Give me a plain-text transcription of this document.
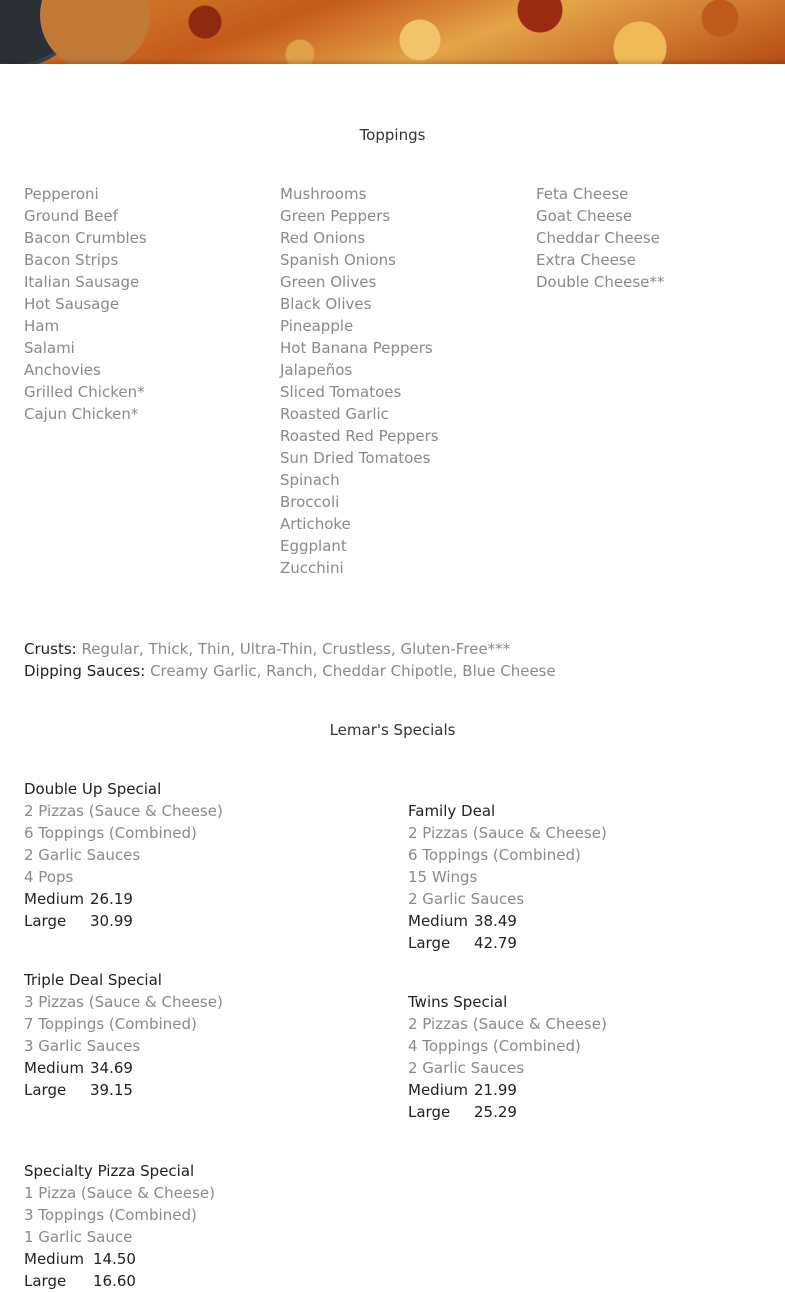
Toppings
Pepperoni
Ground Beef
Bacon Crumbles
Bacon Strips
Italian Sausage
Hot Sausage
Ham
Salami
Anchovies
Grilled Chicken*
Cajun Chicken*
Mushrooms
Green Peppers
Red Onions
Spanish Onions
Green Olives
Black Olives
Pineapple
Hot Banana Peppers
Jalapeños
Sliced Tomatoes
Roasted Garlic
Roasted Red Peppers
Sun Dried Tomatoes
Spinach
Broccoli
Artichoke
Eggplant
Zucchini
Feta Cheese
Goat Cheese
Cheddar Cheese
Extra Cheese
Double Cheese**
Crusts: Regular, Thick, Thin, Ultra-Thin, Crustless, Gluten-Free***
Dipping Sauces: Creamy Garlic, Ranch, Cheddar Chipotle, Blue Cheese
Lemar's Specials
Double Up Special
2 Pizzas (Sauce & Cheese)
6 Toppings (Combined)
2 Garlic Sauces
4 Pops
Medium 26.19
Large 30.99
Family Deal
2 Pizzas (Sauce & Cheese)
6 Toppings (Combined)
15 Wings
2 Garlic Sauces
Medium 38.49
Large 42.79
Triple Deal Special
3 Pizzas (Sauce & Cheese)
7 Toppings (Combined)
3 Garlic Sauces
Medium 34.69
Large 39.15
Twins Special
2 Pizzas (Sauce & Cheese)
4 Toppings (Combined)
2 Garlic Sauces
Medium 21.99
Large 25.29
Specialty Pizza Special
1 Pizza (Sauce & Cheese)
3 Toppings (Combined)
1 Garlic Sauce
Medium 14.50
Large 16.60
